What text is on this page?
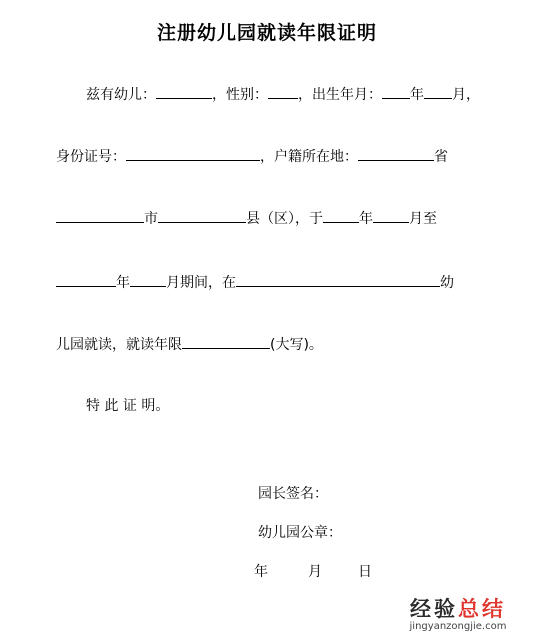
注册幼儿园就读年限证明
兹有幼儿：	，性别： ，出生年月： 年 月，
身份证号：	，户籍所在地：	省
市	县（区），于	年	月至
年	月期间，在	幼
儿园就读，就读年限	(大写)。
特 此 证 明。
园长签名：
幼儿园公章：
年	月	日
经验总结
jingyanzongjie.com
